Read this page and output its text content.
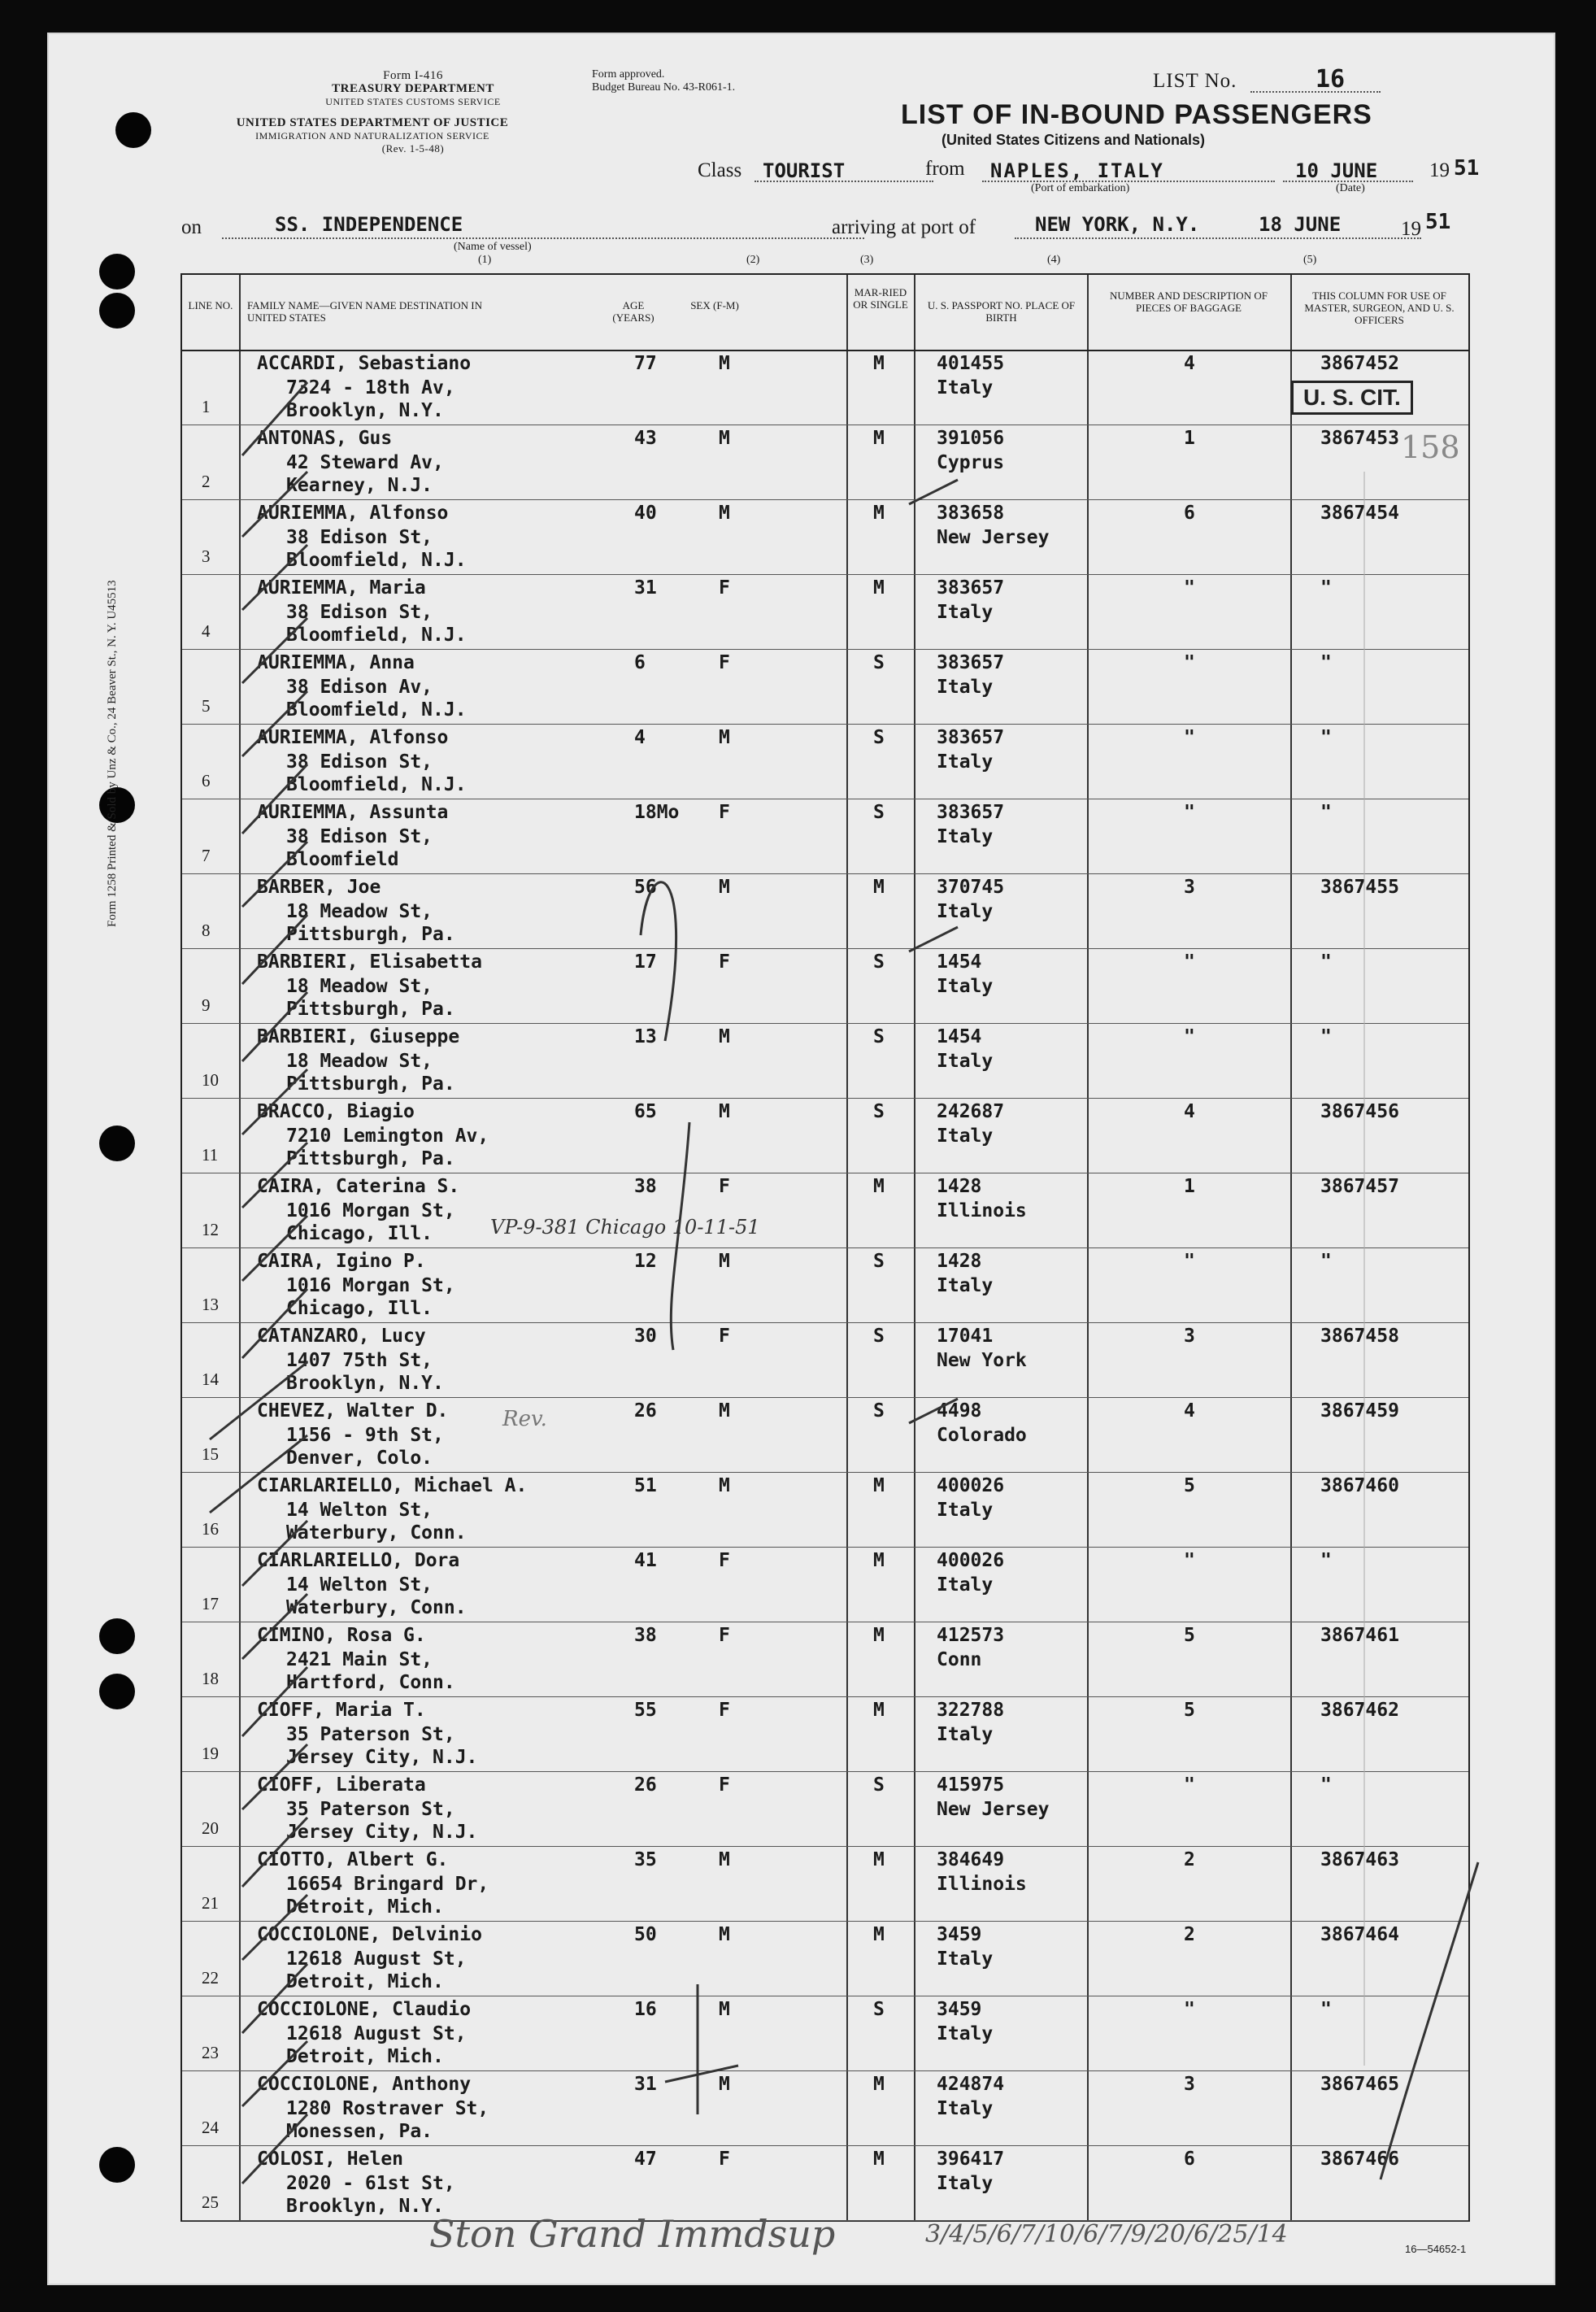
Form 1258 Printed & Sold by Unz & Co., 24 Beaver St., N. Y. U45513
Form I-416
TREASURY DEPARTMENT
UNITED STATES CUSTOMS SERVICE
UNITED STATES DEPARTMENT OF JUSTICE
IMMIGRATION AND NATURALIZATION SERVICE
(Rev. 1-5-48)
Form approved.
Budget Bureau No. 43-R061-1.	LIST No.	16
LIST OF IN-BOUND PASSENGERS
(United States Citizens and Nationals)
Class TOURIST	from NAPLES, ITALY
(Port of embarkation)
10 JUNE
(Date)
19 51
on	SS. INDEPENDENCE
(Name of vessel)
(1)
arriving at port of	NEW YORK, N.Y.	18 JUNE	19 51
(2)	(3)	(4)	(5)
LINE NO. FAMILY NAME—GIVEN NAME DESTINATION IN UNITED STATES
AGE (YEARS)
SEX (F-M)
MAR-RIED OR SINGLE	U. S. PASSPORT NO. PLACE OF BIRTH
NUMBER AND DESCRIPTION OF PIECES OF BAGGAGE
THIS COLUMN FOR USE OF MASTER, SURGEON, AND U. S. OFFICERS
1
ACCARDI, Sebastiano
7324 - 18th Av,
Brooklyn, N.Y.
77	M	M	401455
Italy
4	3867452
2
ANTONAS, Gus
42 Steward Av,
Kearney, N.J.
43	M	M	391056
Cyprus
1	3867453
3
AURIEMMA, Alfonso
38 Edison St,
Bloomfield, N.J.
40	M	M	383658
New Jersey
6	3867454
4
AURIEMMA, Maria
38 Edison St,
Bloomfield, N.J.
31	F	M	383657
Italy
"	"
5
AURIEMMA, Anna
38 Edison Av,
Bloomfield, N.J.
6	F	S	383657
Italy
"	"
6
AURIEMMA, Alfonso
38 Edison St,
Bloomfield, N.J.
4	M	S	383657
Italy
"	"
7
AURIEMMA, Assunta
38 Edison St,
Bloomfield
18Mo F	S	383657
Italy
"	"
8
BARBER, Joe
18 Meadow St,
Pittsburgh, Pa.
56	M	M	370745
Italy
3	3867455
9
BARBIERI, Elisabetta
18 Meadow St,
Pittsburgh, Pa.
17	F	S	1454
Italy
"	"
10
BARBIERI, Giuseppe
18 Meadow St,
Pittsburgh, Pa.
13	M	S	1454
Italy
"	"
11
BRACCO, Biagio
7210 Lemington Av,
Pittsburgh, Pa.
65	M	S	242687
Italy
4	3867456
12
CAIRA, Caterina S.
1016 Morgan St,
Chicago, Ill.
38	F	M	1428
Illinois
1	3867457
13
CAIRA, Igino P.
1016 Morgan St,
Chicago, Ill.
12	M	S	1428
Italy
"	"
14
CATANZARO, Lucy
1407 75th St,
Brooklyn, N.Y.
30	F	S	17041
New York
3	3867458
15
CHEVEZ, Walter D.
1156 - 9th St,
Denver, Colo.
26	M	S	4498
Colorado
4	3867459
16
CIARLARIELLO, Michael A.
14 Welton St,
Waterbury, Conn.
51	M	M	400026
Italy
5	3867460
17
CIARLARIELLO, Dora
14 Welton St,
Waterbury, Conn.
41	F	M	400026
Italy
"	"
18
CIMINO, Rosa G.
2421 Main St,
Hartford, Conn.
38	F	M	412573
Conn
5	3867461
19
CIOFF, Maria T.
35 Paterson St,
Jersey City, N.J.
55	F	M	322788
Italy
5	3867462
20
CIOFF, Liberata
35 Paterson St,
Jersey City, N.J.
26	F	S	415975
New Jersey
"	"
21
CIOTTO, Albert G.
16654 Bringard Dr,
Detroit, Mich.
35	M	M	384649
Illinois
2	3867463
22
COCCIOLONE, Delvinio
12618 August St,
Detroit, Mich.
50	M	M	3459
Italy
2	3867464
23
COCCIOLONE, Claudio
12618 August St,
Detroit, Mich.
16	M	S	3459
Italy
"	"
24
COCCIOLONE, Anthony
1280 Rostraver St,
Monessen, Pa.
31	M	M	424874
Italy
3	3867465
25
COLOSI, Helen
2020 - 61st St,
Brooklyn, N.Y.
47	F	M	396417
Italy
6	3867466
U. S. CIT.
158
VP-9-381 Chicago 10-11-51
Rev.
Ston Grand Immdsup	3/4/5/6/7/10/6/7/9/20/6/25/14
16—54652-1
